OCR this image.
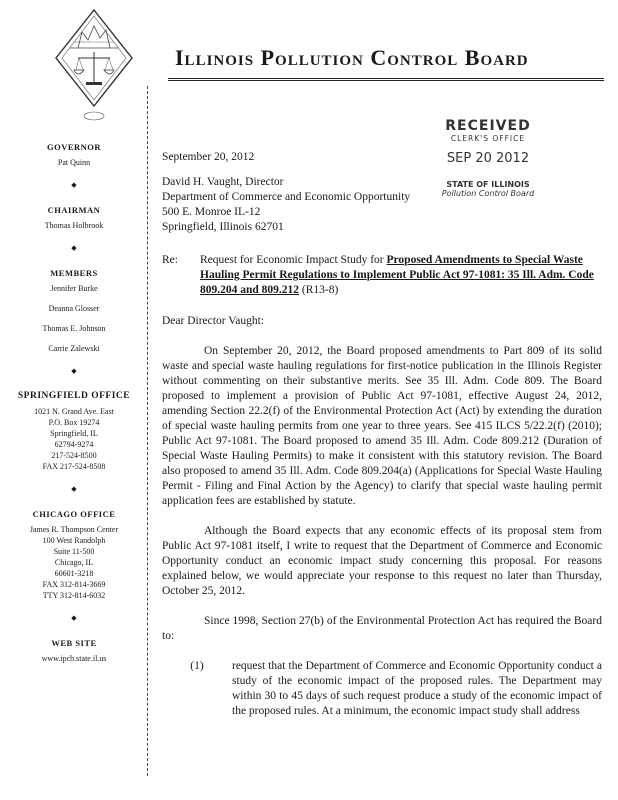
Illinois Pollution Control Board
GOVERNOR
Pat Quinn
◆
CHAIRMAN
Thomas Holbrook
◆
MEMBERS
Jennifer Burke
Deanna Glosser
Thomas E. Johnson
Carrie Zalewski
◆
SPRINGFIELD OFFICE
1021 N. Grand Ave. East
P.O. Box 19274
Springfield, IL
62794-9274
217-524-8500
FAX 217-524-8508
◆
CHICAGO OFFICE
James R. Thompson Center
100 West Randolph
Suite 11-500
Chicago, IL
60601-3218
FAX 312-814-3669
TTY 312-814-6032
◆
WEB SITE
www.ipcb.state.il.us
RECEIVED
CLERK'S OFFICE
SEP 20 2012
STATE OF ILLINOIS
Pollution Control Board

September 20, 2012

David H. Vaught, Director
Department of Commerce and Economic Opportunity
500 E. Monroe IL-12
Springfield, Illinois 62701
Re:	Request for Economic Impact Study for Proposed Amendments to Special Waste Hauling Permit Regulations to Implement Public Act 97-1081: 35 Ill. Adm. Code 809.204 and 809.212 (R13-8)

Dear Director Vaught:

On September 20, 2012, the Board proposed amendments to Part 809 of its solid waste and special waste hauling regulations for first-notice publication in the Illinois Register without commenting on their substantive merits. See 35 Ill. Adm. Code 809. The Board proposed to implement a provision of Public Act 97-1081, effective August 24, 2012, amending Section 22.2(f) of the Environmental Protection Act (Act) by extending the duration of special waste hauling permits from one year to three years. See 415 ILCS 5/22.2(f) (2010); Public Act 97-1081. The Board proposed to amend 35 Ill. Adm. Code 809.212 (Duration of Special Waste Hauling Permits) to make it consistent with this statutory revision. The Board also proposed to amend 35 Ill. Adm. Code 809.204(a) (Applications for Special Waste Hauling Permit - Filing and Final Action by the Agency) to clarify that special waste hauling permit application fees are established by statute.

Although the Board expects that any economic effects of its proposal stem from Public Act 97-1081 itself, I write to request that the Department of Commerce and Economic Opportunity conduct an economic impact study concerning this proposal. For reasons explained below, we would appreciate your response to this request no later than Thursday, October 25, 2012.

Since 1998, Section 27(b) of the Environmental Protection Act has required the Board to:

(1)	request that the Department of Commerce and Economic Opportunity conduct a study of the economic impact of the proposed rules. The Department may within 30 to 45 days of such request produce a study of the economic impact of the proposed rules. At a minimum, the economic impact study shall address
